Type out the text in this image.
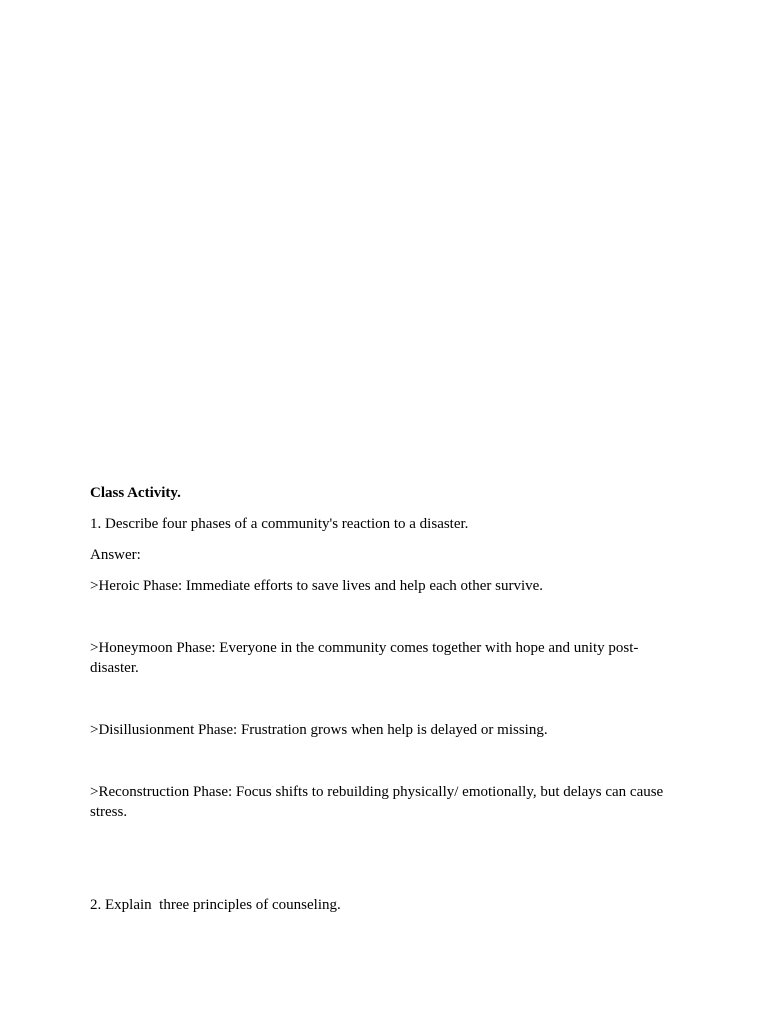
Class Activity.

1. Describe four phases of a community's reaction to a disaster.

Answer:

>Heroic Phase: Immediate efforts to save lives and help each other survive.

>Honeymoon Phase: Everyone in the community comes together with hope and unity post-disaster.

>Disillusionment Phase: Frustration grows when help is delayed or missing.

>Reconstruction Phase: Focus shifts to rebuilding physically/ emotionally, but delays can cause stress.

2. Explain  three principles of counseling.
